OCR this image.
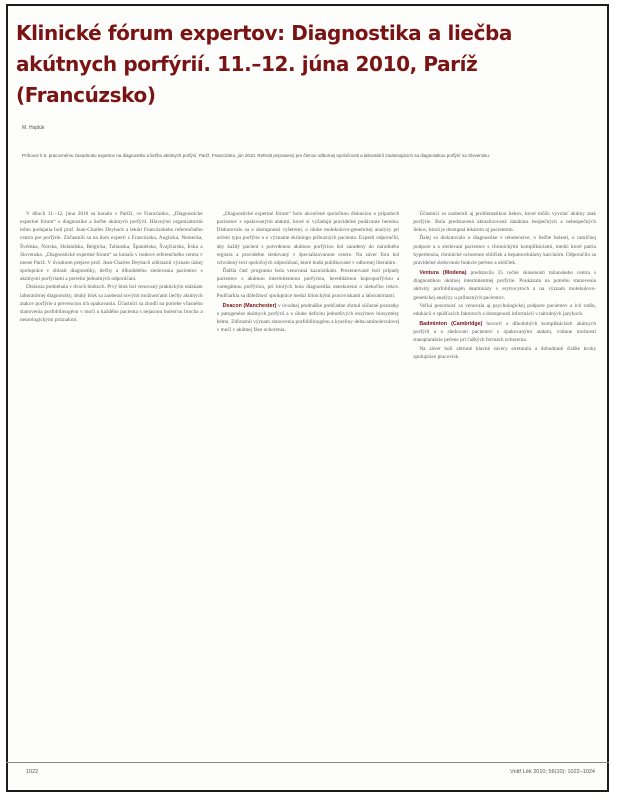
Klinické fórum expertov: Diagnostika a liečba akútnych porfýrií. 11.–12. júna 2010, Paríž (Francúzsko)
M. Hajdúk
Príhovor k 5. pracovnému zasadnutiu expertov na diagnostiku a liečbu akútnych porfýrií, Paríž, Francúzsko, jún 2010. Referát pripravený pre členov odbornej spoločnosti a laboratórií zaoberajúcich sa diagnostikou porfýrií na Slovensku.

V dňoch 11.–12. júna 2010 sa konalo v Paríži, vo Francúzsku, „Diagnostické expertné fórum“ o diagnostike a liečbe akútnych porfýrií. Hlavnými organizátormi tohto podujatia boli prof. Jean-Charles Deybach a lekári Francúzskeho referenčného centra pre porfýrie. Zúčastnili sa na ňom experti z Francúzska, Anglicka, Nemecka, Švédska, Nórska, Holandska, Belgicka, Talianska, Španielska, Švajčiarska, Írska a Slovenska. „Diagnostické expertné fórum“ sa konalo v budove referenčného centra v meste Paríž. V úvodnom prejave prof. Jean-Charles Deybach zdôraznil význam úzkej spolupráce v oblasti diagnostiky, liečby a dlhodobého sledovania pacientov s akútnymi porfýriami a potrebu jednotných odporúčaní.

Diskusia prebiehala v dvoch blokoch. Prvý blok bol venovaný praktickým otázkam laboratórnej diagnostiky, druhý blok sa zaoberal novými možnosťami liečby akútnych atakov porfýrie a prevenciou ich opakovania. Účastníci sa zhodli na potrebe včasného stanovenia porfobilinogénu v moči u každého pacienta s nejasnou bolesťou brucha a neurologickými príznakmi.

„Diagnostické expertné fórum“ bolo ukončené spoločnou diskusiou o prípadoch pacientov s opakovanými atakmi, ktoré si vyžadujú pravidelné podávanie hemínu. Diskutovalo sa o dostupnosti vyšetrení, o úlohe molekulovo-genetickej analýzy pri určení typu porfýrie a o význame skríningu príbuzných pacienta. Experti odporučili, aby každý pacient s potvrdenou akútnou porfýriou bol zaradený do národného registra a pravidelne sledovaný v špecializovanom centre. Na záver fóra bol schválený text spoločných odporúčaní, ktoré budú publikované v odbornej literatúre.

Ďalšia časť programu bola venovaná kazuistikám. Prezentované boli prípady pacientov s akútnou intermitentnou porfýriou, hereditárnou koproporfýriou a variegátnou porfýriou, pri ktorých bola diagnostika oneskorená o niekoľko rokov. Podčiarkla sa dôležitosť spolupráce medzi klinickými pracoviskami a laboratóriami.

Deacon (Manchester) v úvodnej prednáške prehľadne zhrnul súčasné poznatky o patogenéze akútnych porfýrií a o úlohe deficitu jednotlivých enzýmov biosyntézy hému. Zdôraznil význam stanovenia porfobilinogénu a kyseliny delta-aminolevulovej v moči v akútnej fáze ochorenia.

Účastníci sa zaoberali aj problematikou liekov, ktoré môžu vyvolať akútny atak porfýrie. Bola predstavená aktualizovaná databáza bezpečných a nebezpečných liekov, ktorá je dostupná lekárom aj pacientom.

Ďalej sa diskutovalo o diagnostike v tehotenstve, o liečbe bolesti, o nutričnej podpore a o sledovaní pacientov s chronickými komplikáciami, medzi ktoré patria hypertenzia, chronické ochorenie obličiek a hepatocelulárny karcinóm. Odporučilo sa pravidelné sledovanie funkcie pečene a obličiek.

Ventura (Modena) predstavila 25 ročné skúsenosti talianskeho centra s diagnostikou akútnej intermitentnej porfýrie. Poukázala na potrebu stanovenia aktivity porfobilinogén deaminázy v erytrocytoch a na význam molekulovo-genetickej analýzy u príbuzných pacientov.

Veľká pozornosť sa venovala aj psychologickej podpore pacientov a ich rodín, edukácii o spúšťacích faktoroch a dostupnosti informácií v národných jazykoch.

Badminton (Cambridge) hovoril o dlhodobých komplikáciách akútnych porfýrií a o sledovaní pacientov s opakovanými atakmi, vrátane možností transplantácie pečene pri ťažkých formách ochorenia.

Na záver boli zhrnuté hlavné závery stretnutia a dohodnuté ďalšie kroky spolupráce pracovísk.

1022	Vnitř Lék 2010; 56(10): 1022–1024
